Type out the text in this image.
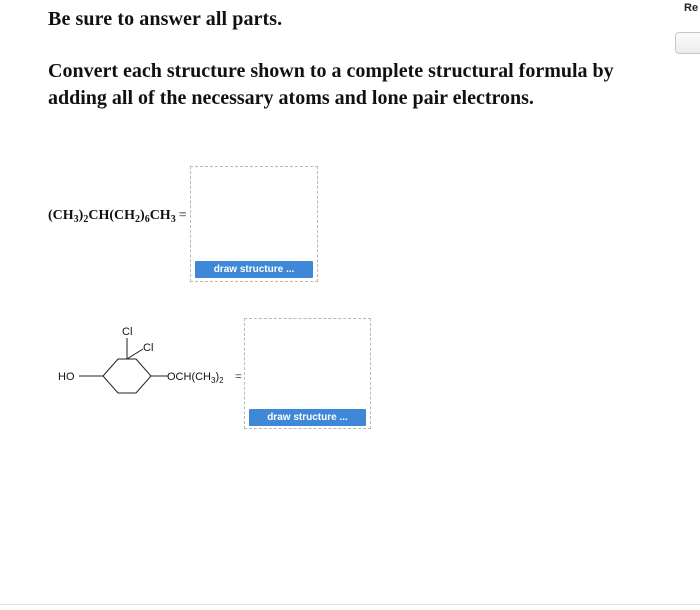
Be sure to answer all parts.

Convert each structure shown to a complete structural formula by adding all of the necessary atoms and lone pair electrons.

Re
$(CH_3)_2CH(CH_2)_6CH_3$ =
draw structure ...
HO
Cl
Cl
$OCH(CH_3)_2$ =
draw structure ...
